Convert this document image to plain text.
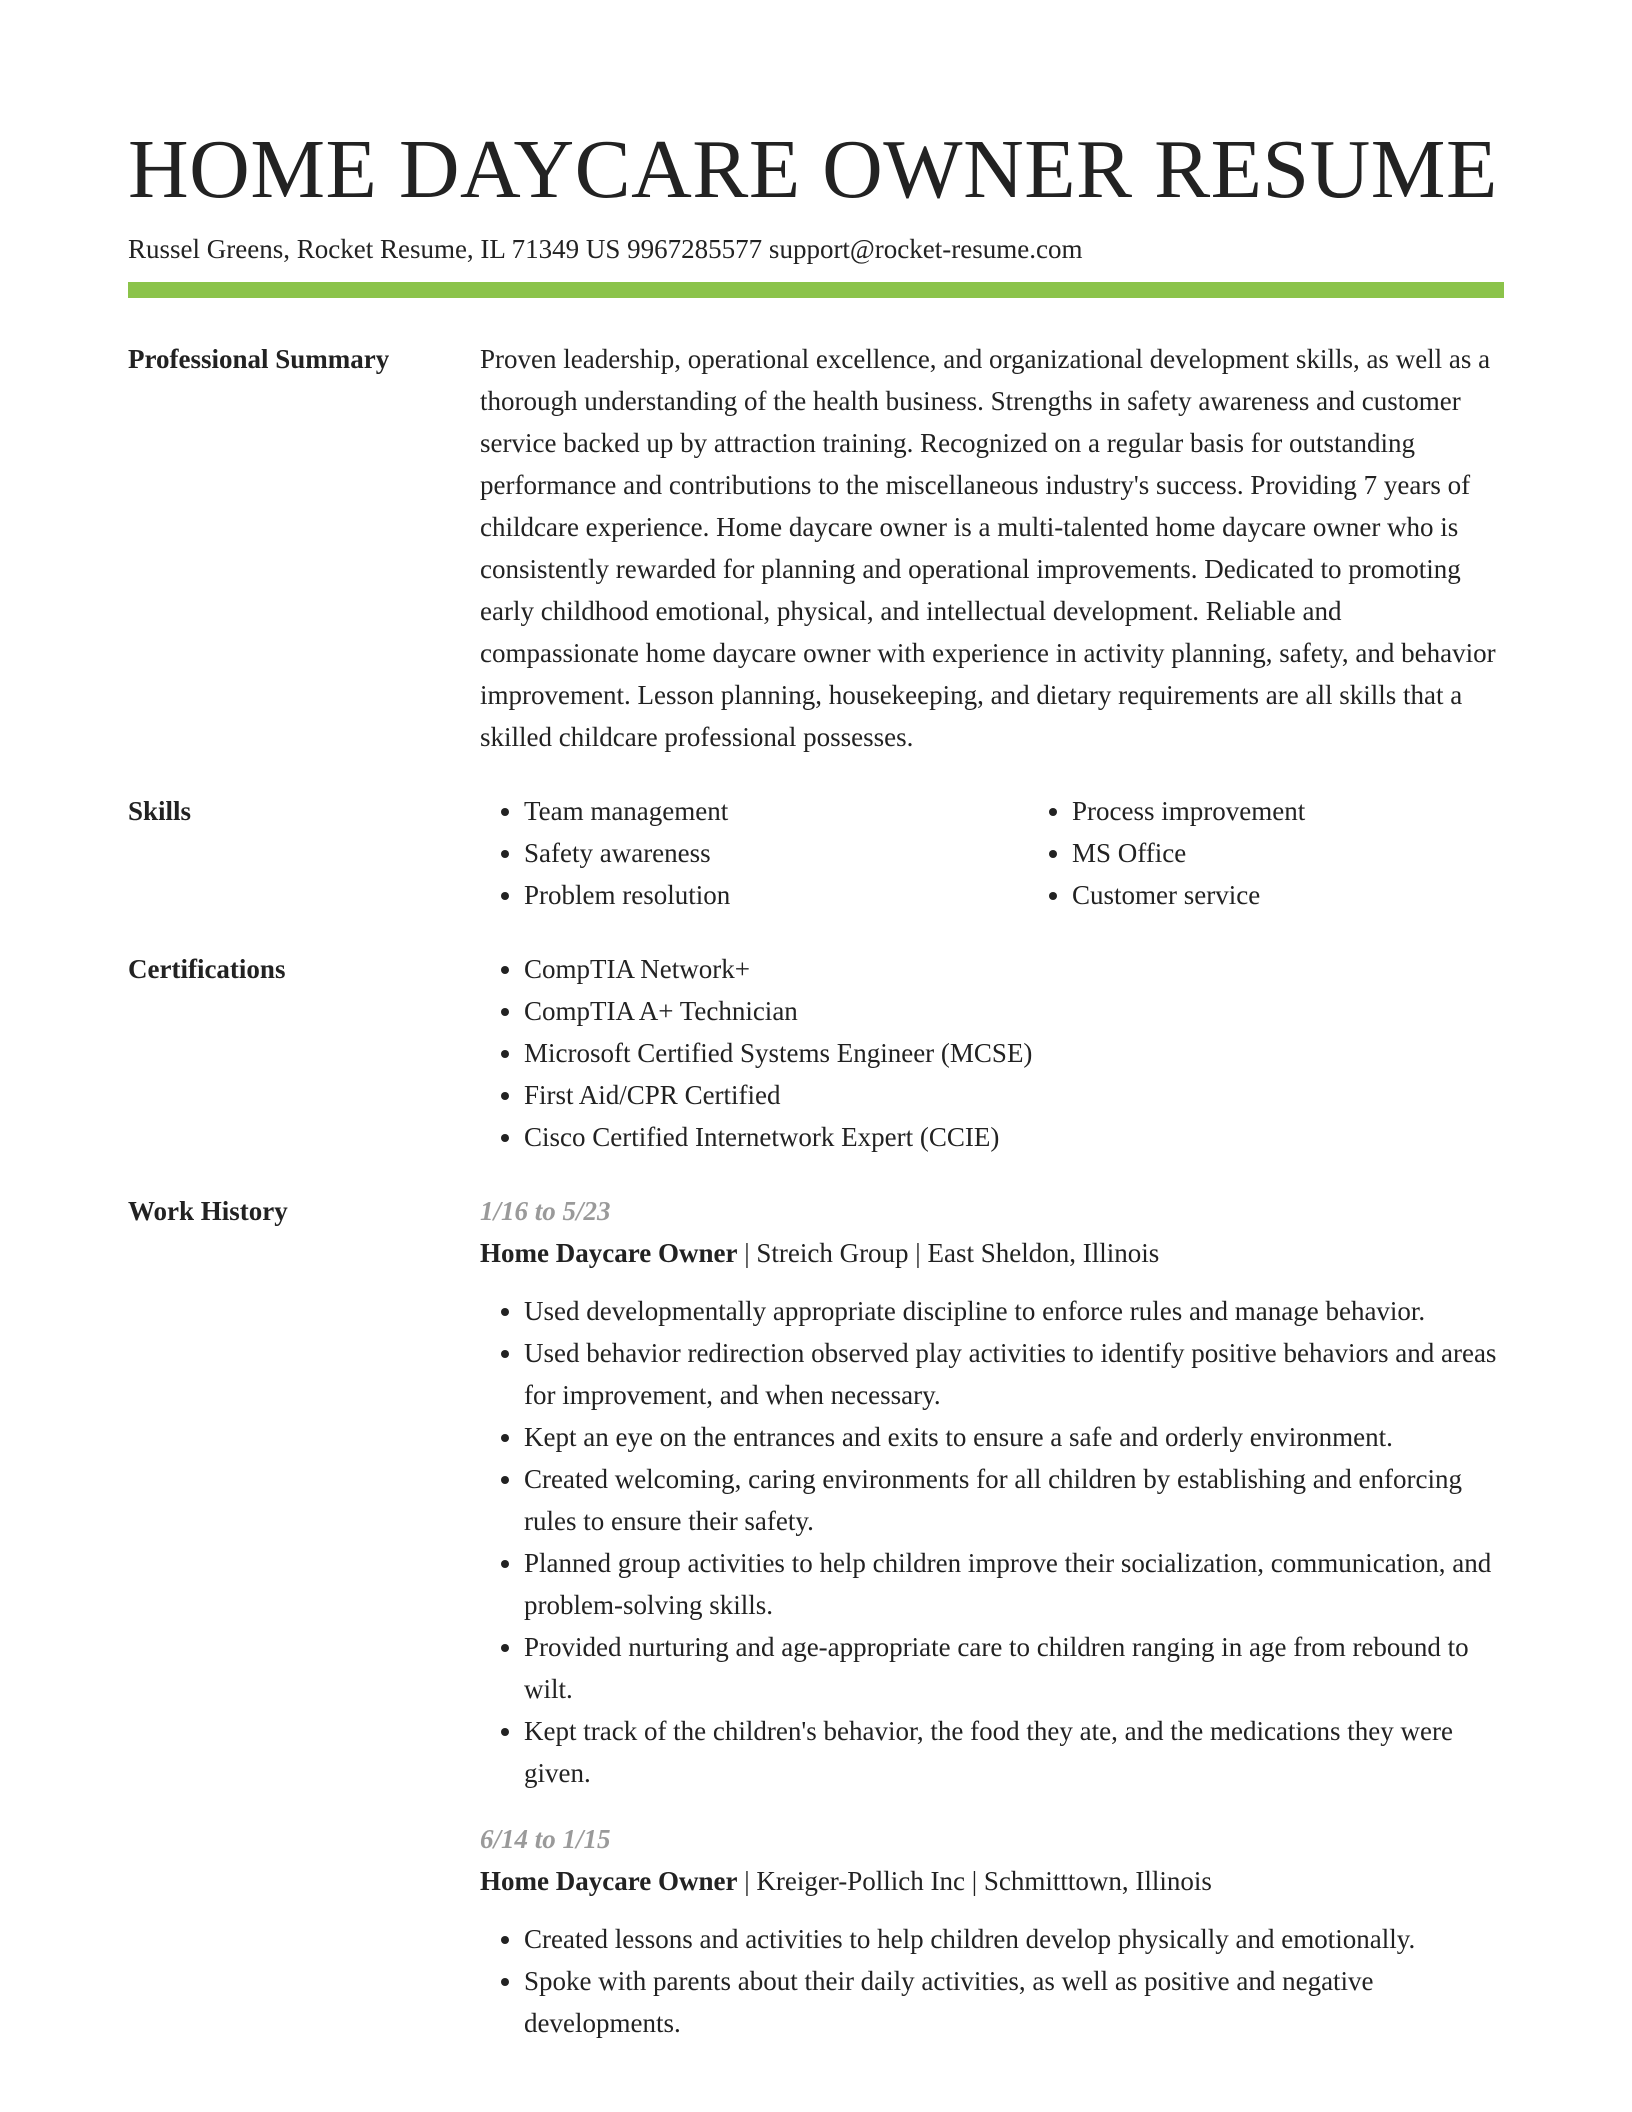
HOME DAYCARE OWNER RESUME
Russel Greens, Rocket Resume, IL 71349 US 9967285577 support@rocket-resume.com
Professional Summary	Proven leadership, operational excellence, and organizational development skills, as well as a thorough understanding of the health business. Strengths in safety awareness and customer service backed up by attraction training. Recognized on a regular basis for outstanding performance and contributions to the miscellaneous industry's success. Providing 7 years of childcare experience. Home daycare owner is a multi-talented home daycare owner who is consistently rewarded for planning and operational improvements. Dedicated to promoting early childhood emotional, physical, and intellectual development. Reliable and compassionate home daycare owner with experience in activity planning, safety, and behavior improvement. Lesson planning, housekeeping, and dietary requirements are all skills that a skilled childcare professional possesses.

Skills	• Team management
• Safety awareness
• Problem resolution
• Process improvement
• MS Office
• Customer service
Certifications	• CompTIA Network+
• CompTIA A+ Technician
• Microsoft Certified Systems Engineer (MCSE)
• First Aid/CPR Certified
• Cisco Certified Internetwork Expert (CCIE)
Work History	1/16 to 5/23
Home Daycare Owner | Streich Group | East Sheldon, Illinois
• Used developmentally appropriate discipline to enforce rules and manage behavior.
• Used behavior redirection observed play activities to identify positive behaviors and areas for improvement, and when necessary.
• Kept an eye on the entrances and exits to ensure a safe and orderly environment.
• Created welcoming, caring environments for all children by establishing and enforcing rules to ensure their safety.
• Planned group activities to help children improve their socialization, communication, and problem-solving skills.
• Provided nurturing and age-appropriate care to children ranging in age from rebound to wilt.
• Kept track of the children's behavior, the food they ate, and the medications they were given.
6/14 to 1/15
Home Daycare Owner | Kreiger-Pollich Inc | Schmitttown, Illinois
• Created lessons and activities to help children develop physically and emotionally.
• Spoke with parents about their daily activities, as well as positive and negative developments.
